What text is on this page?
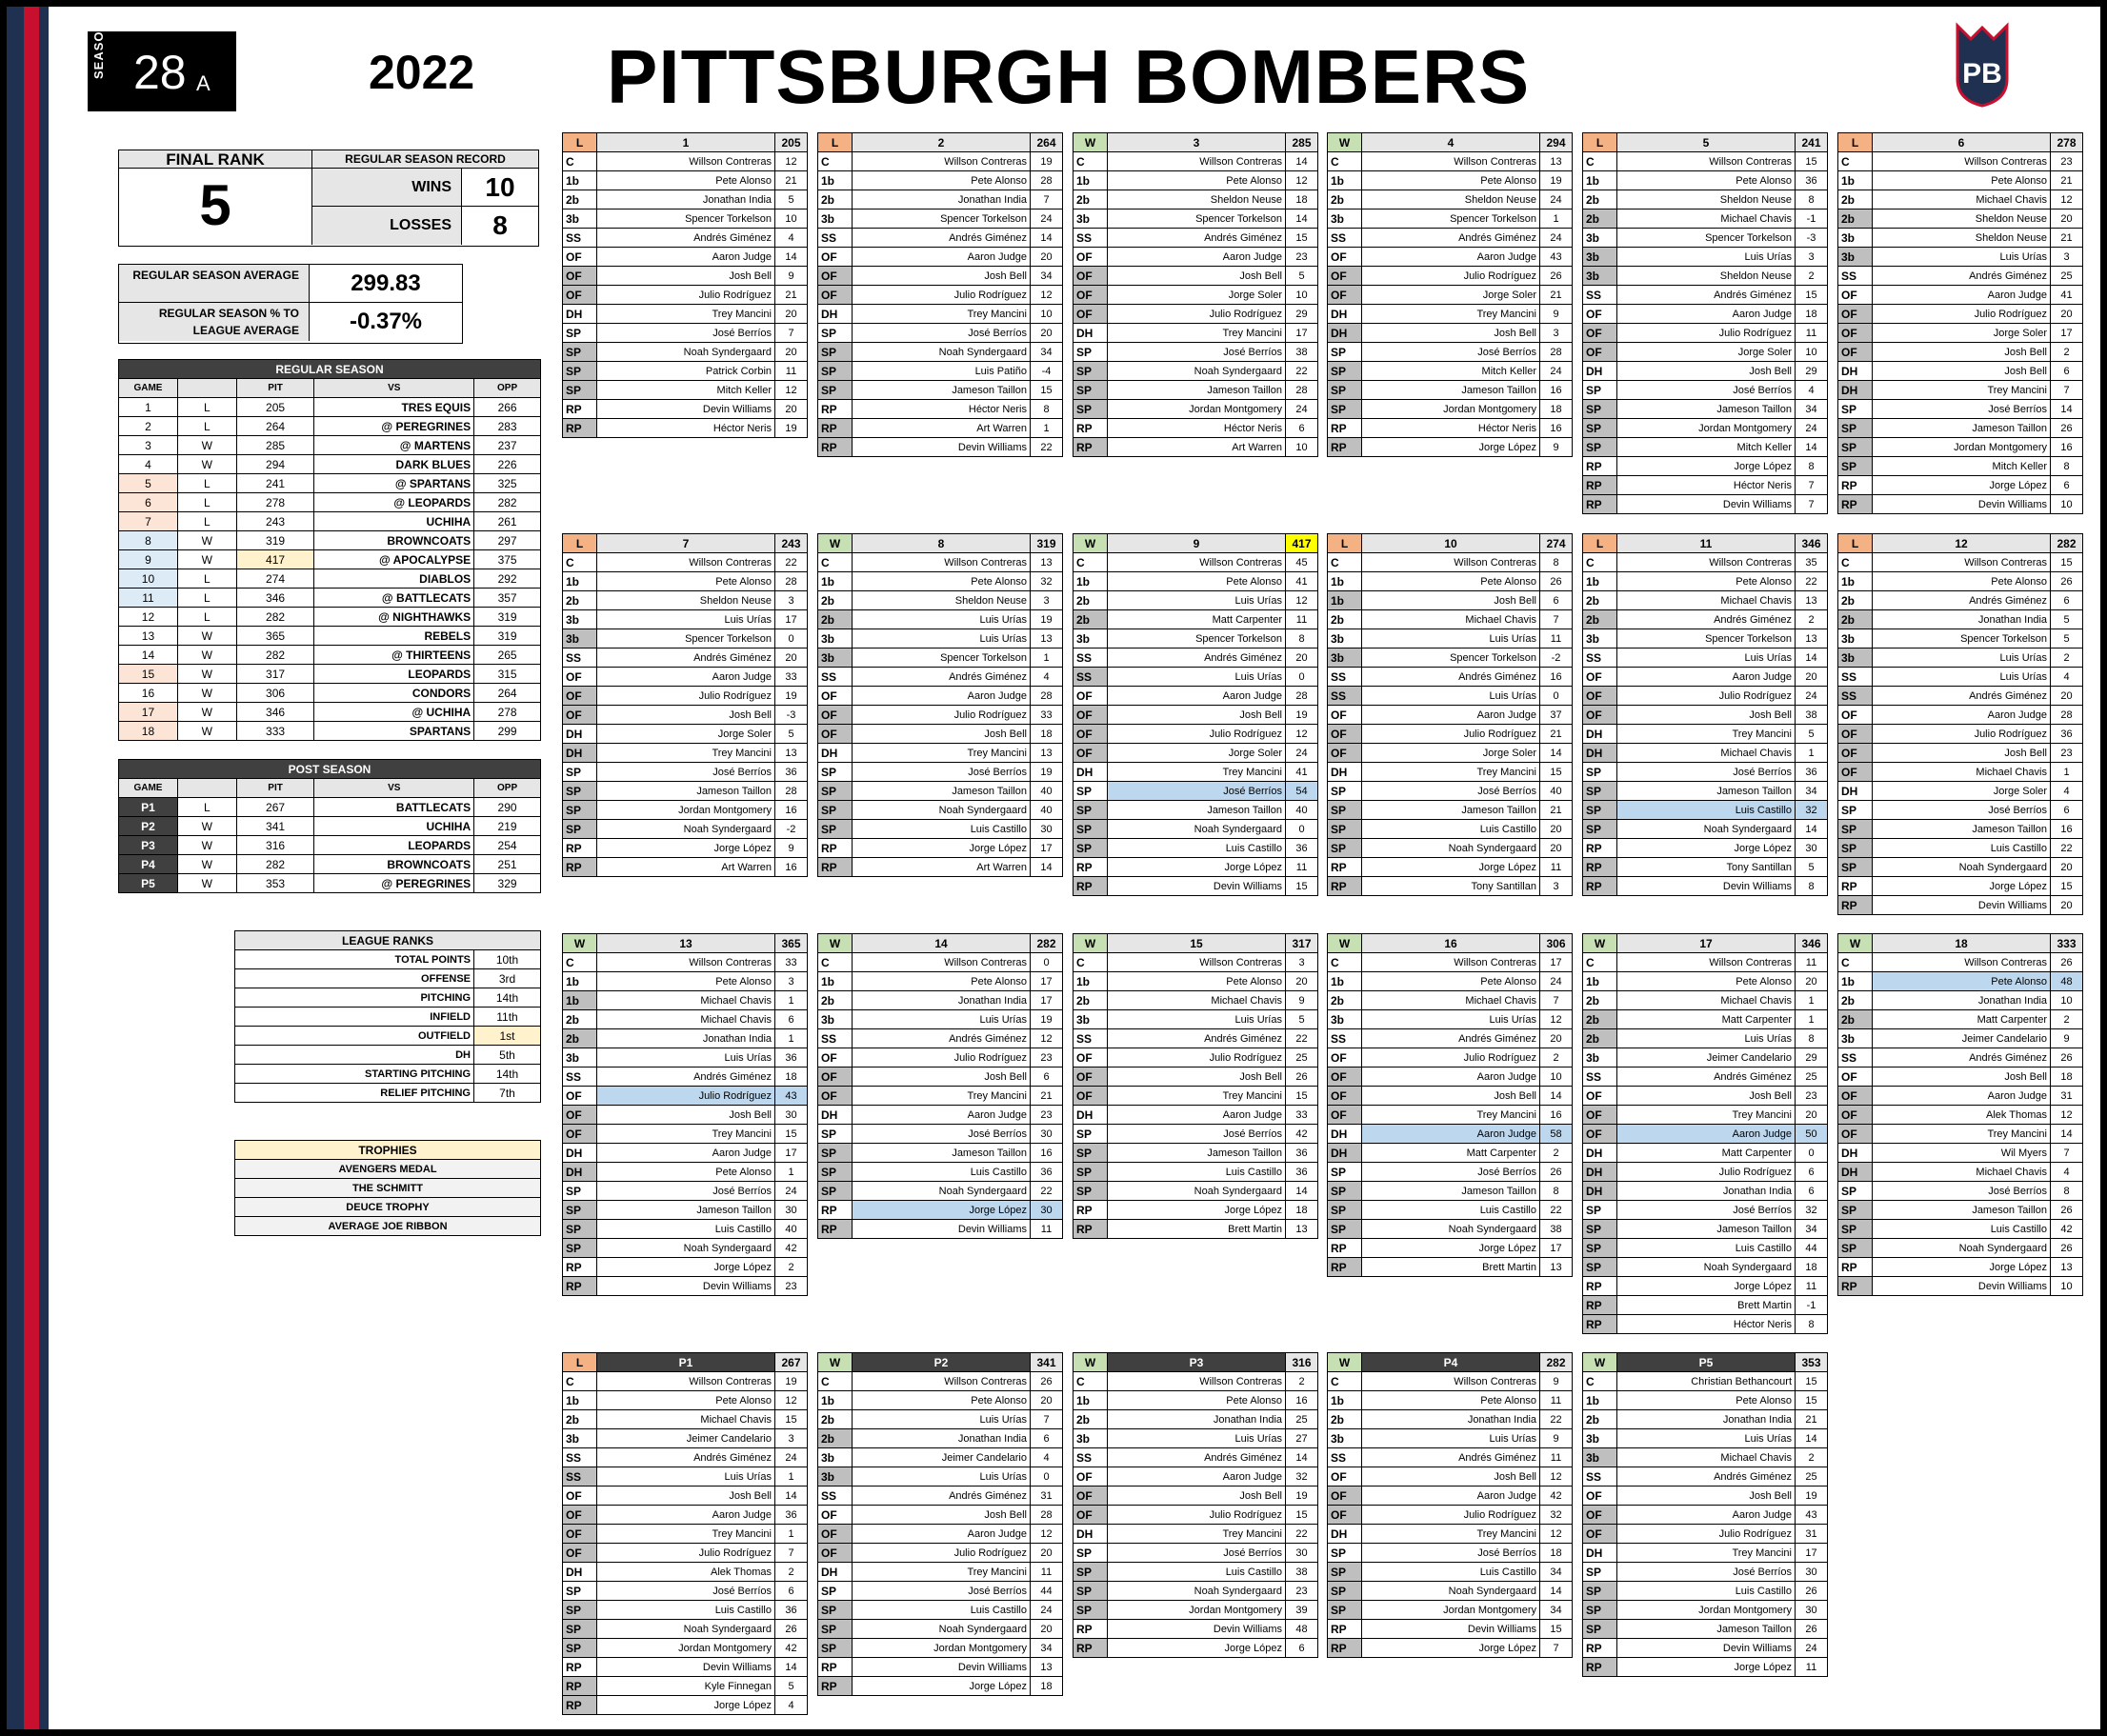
SEASON 28 A	2022 PITTSBURGH BOMBERS	PB
FINAL RANK
5
REGULAR SEASON RECORD
WINS	10
LOSSES	8
REGULAR SEASON AVERAGE	299.83
REGULAR SEASON % TO LEAGUE AVERAGE	-0.37%
REGULAR SEASON				
GAME		PIT	VS	OPP
1	L	205	TRES EQUIS	266
2	L	264	@ PEREGRINES	283
3	W	285	@ MARTENS	237
4	W	294	DARK BLUES	226
5	L	241	@ SPARTANS	325
6	L	278	@ LEOPARDS	282
7	L	243	UCHIHA	261
8	W	319	BROWNCOATS	297
9	W	417	@ APOCALYPSE	375
10	L	274	DIABLOS	292
11	L	346	@ BATTLECATS	357
12	L	282	@ NIGHTHAWKS	319
13	W	365	REBELS	319
14	W	282	@ THIRTEENS	265
15	W	317	LEOPARDS	315
16	W	306	CONDORS	264
17	W	346	@ UCHIHA	278
18	W	333	SPARTANS	299
POST SEASON				
GAME		PIT	VS	OPP
P1	L	267	BATTLECATS	290
P2	W	341	UCHIHA	219
P3	W	316	LEOPARDS	254
P4	W	282	BROWNCOATS	251
P5	W	353	@ PEREGRINES	329
LEAGUE RANKS	
TOTAL POINTS	10th
OFFENSE	3rd
PITCHING	14th
INFIELD	11th
OUTFIELD	1st
DH	5th
STARTING PITCHING	14th
RELIEF PITCHING	7th
TROPHIES
AVENGERS MEDAL
THE SCHMITT
DEUCE TROPHY
AVERAGE JOE RIBBON
L	1	205
C	Willson Contreras	12
1b	Pete Alonso	21
2b	Jonathan India	5
3b	Spencer Torkelson	10
SS	Andrés Giménez	4
OF	Aaron Judge	14
OF	Josh Bell	9
OF	Julio Rodríguez	21
DH	Trey Mancini	20
SP	José Berríos	7
SP	Noah Syndergaard	20
SP	Patrick Corbin	11
SP	Mitch Keller	12
RP	Devin Williams	20
RP	Héctor Neris	19
L	2	264
C	Willson Contreras	19
1b	Pete Alonso	28
2b	Jonathan India	7
3b	Spencer Torkelson	24
SS	Andrés Giménez	14
OF	Aaron Judge	20
OF	Josh Bell	34
OF	Julio Rodríguez	12
DH	Trey Mancini	10
SP	José Berríos	20
SP	Noah Syndergaard	34
SP	Luis Patiño	-4
SP	Jameson Taillon	15
RP	Héctor Neris	8
RP	Art Warren	1
RP	Devin Williams	22
W	3	285
C	Willson Contreras	14
1b	Pete Alonso	12
2b	Sheldon Neuse	18
3b	Spencer Torkelson	14
SS	Andrés Giménez	15
OF	Aaron Judge	23
OF	Josh Bell	5
OF	Jorge Soler	10
OF	Julio Rodríguez	29
DH	Trey Mancini	17
SP	José Berríos	38
SP	Noah Syndergaard	22
SP	Jameson Taillon	28
SP	Jordan Montgomery	24
RP	Héctor Neris	6
RP	Art Warren	10
W	4	294
C	Willson Contreras	13
1b	Pete Alonso	19
2b	Sheldon Neuse	24
3b	Spencer Torkelson	1
SS	Andrés Giménez	24
OF	Aaron Judge	43
OF	Julio Rodríguez	26
OF	Jorge Soler	21
DH	Trey Mancini	9
DH	Josh Bell	3
SP	José Berríos	28
SP	Mitch Keller	24
SP	Jameson Taillon	16
SP	Jordan Montgomery	18
RP	Héctor Neris	16
RP	Jorge López	9
L	5	241
C	Willson Contreras	15
1b	Pete Alonso	36
2b	Sheldon Neuse	8
2b	Michael Chavis	-1
3b	Spencer Torkelson	-3
3b	Luis Urías	3
3b	Sheldon Neuse	2
SS	Andrés Giménez	15
OF	Aaron Judge	18
OF	Julio Rodríguez	11
OF	Jorge Soler	10
DH	Josh Bell	29
SP	José Berríos	4
SP	Jameson Taillon	34
SP	Jordan Montgomery	24
SP	Mitch Keller	14
RP	Jorge López	8
RP	Héctor Neris	7
RP	Devin Williams	7
L	6	278
C	Willson Contreras	23
1b	Pete Alonso	21
2b	Michael Chavis	12
2b	Sheldon Neuse	20
3b	Sheldon Neuse	21
3b	Luis Urías	3
SS	Andrés Giménez	25
OF	Aaron Judge	41
OF	Julio Rodríguez	20
OF	Jorge Soler	17
OF	Josh Bell	2
DH	Josh Bell	6
DH	Trey Mancini	7
SP	José Berríos	14
SP	Jameson Taillon	26
SP	Jordan Montgomery	16
SP	Mitch Keller	8
RP	Jorge López	6
RP	Devin Williams	10
L	7	243
C	Willson Contreras	22
1b	Pete Alonso	28
2b	Sheldon Neuse	3
3b	Luis Urías	17
3b	Spencer Torkelson	0
SS	Andrés Giménez	20
OF	Aaron Judge	33
OF	Julio Rodríguez	19
OF	Josh Bell	-3
DH	Jorge Soler	5
DH	Trey Mancini	13
SP	José Berríos	36
SP	Jameson Taillon	28
SP	Jordan Montgomery	16
SP	Noah Syndergaard	-2
RP	Jorge López	9
RP	Art Warren	16
W	8	319
C	Willson Contreras	13
1b	Pete Alonso	32
2b	Sheldon Neuse	3
2b	Luis Urías	19
3b	Luis Urías	13
3b	Spencer Torkelson	1
SS	Andrés Giménez	4
OF	Aaron Judge	28
OF	Julio Rodríguez	33
OF	Josh Bell	18
DH	Trey Mancini	13
SP	José Berríos	19
SP	Jameson Taillon	40
SP	Noah Syndergaard	40
SP	Luis Castillo	30
RP	Jorge López	17
RP	Art Warren	14
W	9	417
C	Willson Contreras	45
1b	Pete Alonso	41
2b	Luis Urías	12
2b	Matt Carpenter	11
3b	Spencer Torkelson	8
SS	Andrés Giménez	20
SS	Luis Urías	0
OF	Aaron Judge	28
OF	Josh Bell	19
OF	Julio Rodríguez	12
OF	Jorge Soler	24
DH	Trey Mancini	41
SP	José Berríos	54
SP	Jameson Taillon	40
SP	Noah Syndergaard	0
SP	Luis Castillo	36
RP	Jorge López	11
RP	Devin Williams	15
L	10	274
C	Willson Contreras	8
1b	Pete Alonso	26
1b	Josh Bell	6
2b	Michael Chavis	7
3b	Luis Urías	11
3b	Spencer Torkelson	-2
SS	Andrés Giménez	16
SS	Luis Urías	0
OF	Aaron Judge	37
OF	Julio Rodríguez	21
OF	Jorge Soler	14
DH	Trey Mancini	15
SP	José Berríos	40
SP	Jameson Taillon	21
SP	Luis Castillo	20
SP	Noah Syndergaard	20
RP	Jorge López	11
RP	Tony Santillan	3
L	11	346
C	Willson Contreras	35
1b	Pete Alonso	22
2b	Michael Chavis	13
2b	Andrés Giménez	2
3b	Spencer Torkelson	13
SS	Luis Urías	14
OF	Aaron Judge	20
OF	Julio Rodríguez	24
OF	Josh Bell	38
DH	Trey Mancini	5
DH	Michael Chavis	1
SP	José Berríos	36
SP	Jameson Taillon	34
SP	Luis Castillo	32
SP	Noah Syndergaard	14
RP	Jorge López	30
RP	Tony Santillan	5
RP	Devin Williams	8
L	12	282
C	Willson Contreras	15
1b	Pete Alonso	26
2b	Andrés Giménez	6
2b	Jonathan India	5
3b	Spencer Torkelson	5
3b	Luis Urías	2
SS	Luis Urías	4
SS	Andrés Giménez	20
OF	Aaron Judge	28
OF	Julio Rodríguez	36
OF	Josh Bell	23
OF	Michael Chavis	1
DH	Jorge Soler	4
SP	José Berríos	6
SP	Jameson Taillon	16
SP	Luis Castillo	22
SP	Noah Syndergaard	20
RP	Jorge López	15
RP	Devin Williams	20
W	13	365
C	Willson Contreras	33
1b	Pete Alonso	3
1b	Michael Chavis	1
2b	Michael Chavis	6
2b	Jonathan India	1
3b	Luis Urías	36
SS	Andrés Giménez	18
OF	Julio Rodríguez	43
OF	Josh Bell	30
OF	Trey Mancini	15
DH	Aaron Judge	17
DH	Pete Alonso	1
SP	José Berríos	24
SP	Jameson Taillon	30
SP	Luis Castillo	40
SP	Noah Syndergaard	42
RP	Jorge López	2
RP	Devin Williams	23
W	14	282
C	Willson Contreras	0
1b	Pete Alonso	17
2b	Jonathan India	17
3b	Luis Urías	19
SS	Andrés Giménez	12
OF	Julio Rodríguez	23
OF	Josh Bell	6
OF	Trey Mancini	21
DH	Aaron Judge	23
SP	José Berríos	30
SP	Jameson Taillon	16
SP	Luis Castillo	36
SP	Noah Syndergaard	22
RP	Jorge López	30
RP	Devin Williams	11
W	15	317
C	Willson Contreras	3
1b	Pete Alonso	20
2b	Michael Chavis	9
3b	Luis Urías	5
SS	Andrés Giménez	22
OF	Julio Rodríguez	25
OF	Josh Bell	26
OF	Trey Mancini	15
DH	Aaron Judge	33
SP	José Berríos	42
SP	Jameson Taillon	36
SP	Luis Castillo	36
SP	Noah Syndergaard	14
RP	Jorge López	18
RP	Brett Martin	13
W	16	306
C	Willson Contreras	17
1b	Pete Alonso	24
2b	Michael Chavis	7
3b	Luis Urías	12
SS	Andrés Giménez	20
OF	Julio Rodríguez	2
OF	Aaron Judge	10
OF	Josh Bell	14
OF	Trey Mancini	16
DH	Aaron Judge	58
DH	Matt Carpenter	2
SP	José Berríos	26
SP	Jameson Taillon	8
SP	Luis Castillo	22
SP	Noah Syndergaard	38
RP	Jorge López	17
RP	Brett Martin	13
W	17	346
C	Willson Contreras	11
1b	Pete Alonso	20
2b	Michael Chavis	1
2b	Matt Carpenter	1
2b	Luis Urías	8
3b	Jeimer Candelario	29
SS	Andrés Giménez	25
OF	Josh Bell	23
OF	Trey Mancini	20
OF	Aaron Judge	50
DH	Matt Carpenter	0
DH	Julio Rodríguez	6
DH	Jonathan India	6
SP	José Berríos	32
SP	Jameson Taillon	34
SP	Luis Castillo	44
SP	Noah Syndergaard	18
RP	Jorge López	11
RP	Brett Martin	-1
RP	Héctor Neris	8
W	18	333
C	Willson Contreras	26
1b	Pete Alonso	48
2b	Jonathan India	10
2b	Matt Carpenter	2
3b	Jeimer Candelario	9
SS	Andrés Giménez	26
OF	Josh Bell	18
OF	Aaron Judge	31
OF	Alek Thomas	12
OF	Trey Mancini	14
DH	Wil Myers	7
DH	Michael Chavis	4
SP	José Berríos	8
SP	Jameson Taillon	26
SP	Luis Castillo	42
SP	Noah Syndergaard	26
RP	Jorge López	13
RP	Devin Williams	10
L	P1	267
C	Willson Contreras	19
1b	Pete Alonso	12
2b	Michael Chavis	15
3b	Jeimer Candelario	3
SS	Andrés Giménez	24
SS	Luis Urías	1
OF	Josh Bell	14
OF	Aaron Judge	36
OF	Trey Mancini	1
OF	Julio Rodríguez	7
DH	Alek Thomas	2
SP	José Berríos	6
SP	Luis Castillo	36
SP	Noah Syndergaard	26
SP	Jordan Montgomery	42
RP	Devin Williams	14
RP	Kyle Finnegan	5
RP	Jorge López	4
W	P2	341
C	Willson Contreras	26
1b	Pete Alonso	20
2b	Luis Urías	7
2b	Jonathan India	6
3b	Jeimer Candelario	4
3b	Luis Urías	0
SS	Andrés Giménez	31
OF	Josh Bell	28
OF	Aaron Judge	12
OF	Julio Rodríguez	20
DH	Trey Mancini	11
SP	José Berríos	44
SP	Luis Castillo	24
SP	Noah Syndergaard	20
SP	Jordan Montgomery	34
RP	Devin Williams	13
RP	Jorge López	18
W	P3	316
C	Willson Contreras	2
1b	Pete Alonso	16
2b	Jonathan India	25
3b	Luis Urías	27
SS	Andrés Giménez	14
OF	Aaron Judge	32
OF	Josh Bell	19
OF	Julio Rodríguez	15
DH	Trey Mancini	22
SP	José Berríos	30
SP	Luis Castillo	38
SP	Noah Syndergaard	23
SP	Jordan Montgomery	39
RP	Devin Williams	48
RP	Jorge López	6
W	P4	282
C	Willson Contreras	9
1b	Pete Alonso	11
2b	Jonathan India	22
3b	Luis Urías	9
SS	Andrés Giménez	11
OF	Josh Bell	12
OF	Aaron Judge	42
OF	Julio Rodríguez	32
DH	Trey Mancini	12
SP	José Berríos	18
SP	Luis Castillo	34
SP	Noah Syndergaard	14
SP	Jordan Montgomery	34
RP	Devin Williams	15
RP	Jorge López	7
W	P5	353
C	Christian Bethancourt	15
1b	Pete Alonso	15
2b	Jonathan India	21
3b	Luis Urías	14
3b	Michael Chavis	2
SS	Andrés Giménez	25
OF	Josh Bell	19
OF	Aaron Judge	43
OF	Julio Rodríguez	31
DH	Trey Mancini	17
SP	José Berríos	30
SP	Luis Castillo	26
SP	Jordan Montgomery	30
SP	Jameson Taillon	26
RP	Devin Williams	24
RP	Jorge López	11
